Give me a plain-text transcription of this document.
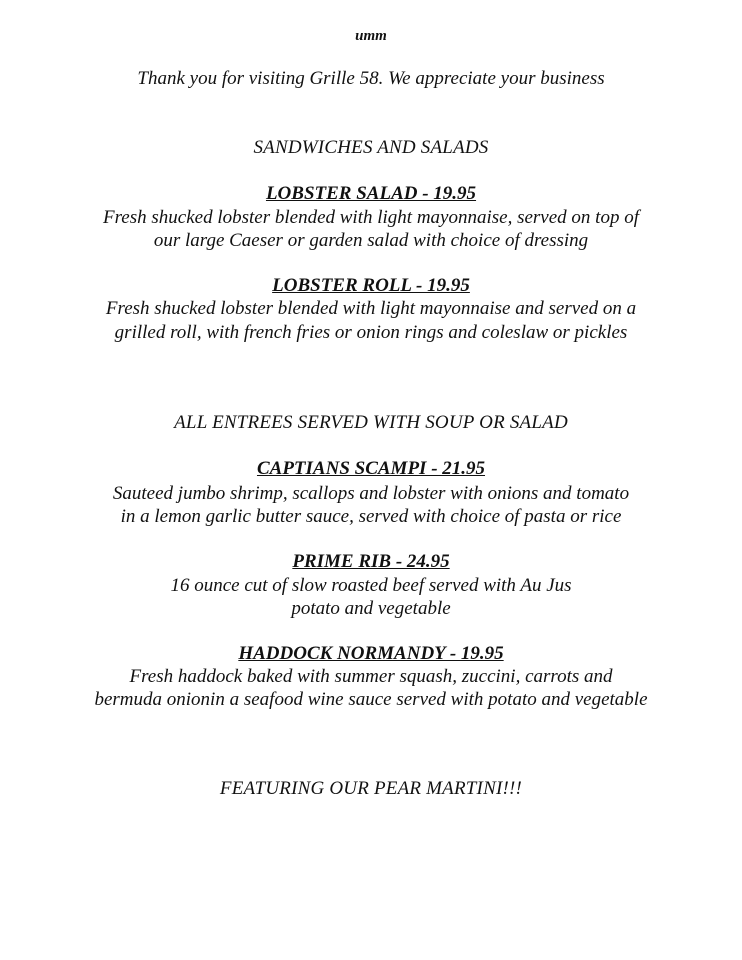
umm

Thank you for visiting Grille 58. We appreciate your business

SANDWICHES AND SALADS

LOBSTER SALAD - 19.95

Fresh shucked lobster blended with light mayonnaise, served on top of

our large Caeser or garden salad with choice of dressing

LOBSTER ROLL - 19.95

Fresh shucked lobster blended with light mayonnaise and served on a

grilled roll, with french fries or onion rings and coleslaw or pickles

ALL ENTREES SERVED WITH SOUP OR SALAD

CAPTIANS SCAMPI - 21.95

Sauteed jumbo shrimp, scallops and lobster with onions and tomato

in a lemon garlic butter sauce, served with choice of pasta or rice

PRIME RIB - 24.95

16 ounce cut of slow roasted beef served with Au Jus

potato and vegetable

HADDOCK NORMANDY - 19.95

Fresh haddock baked with summer squash, zuccini, carrots and

bermuda onionin a seafood wine sauce served with potato and vegetable

FEATURING OUR PEAR MARTINI!!!
